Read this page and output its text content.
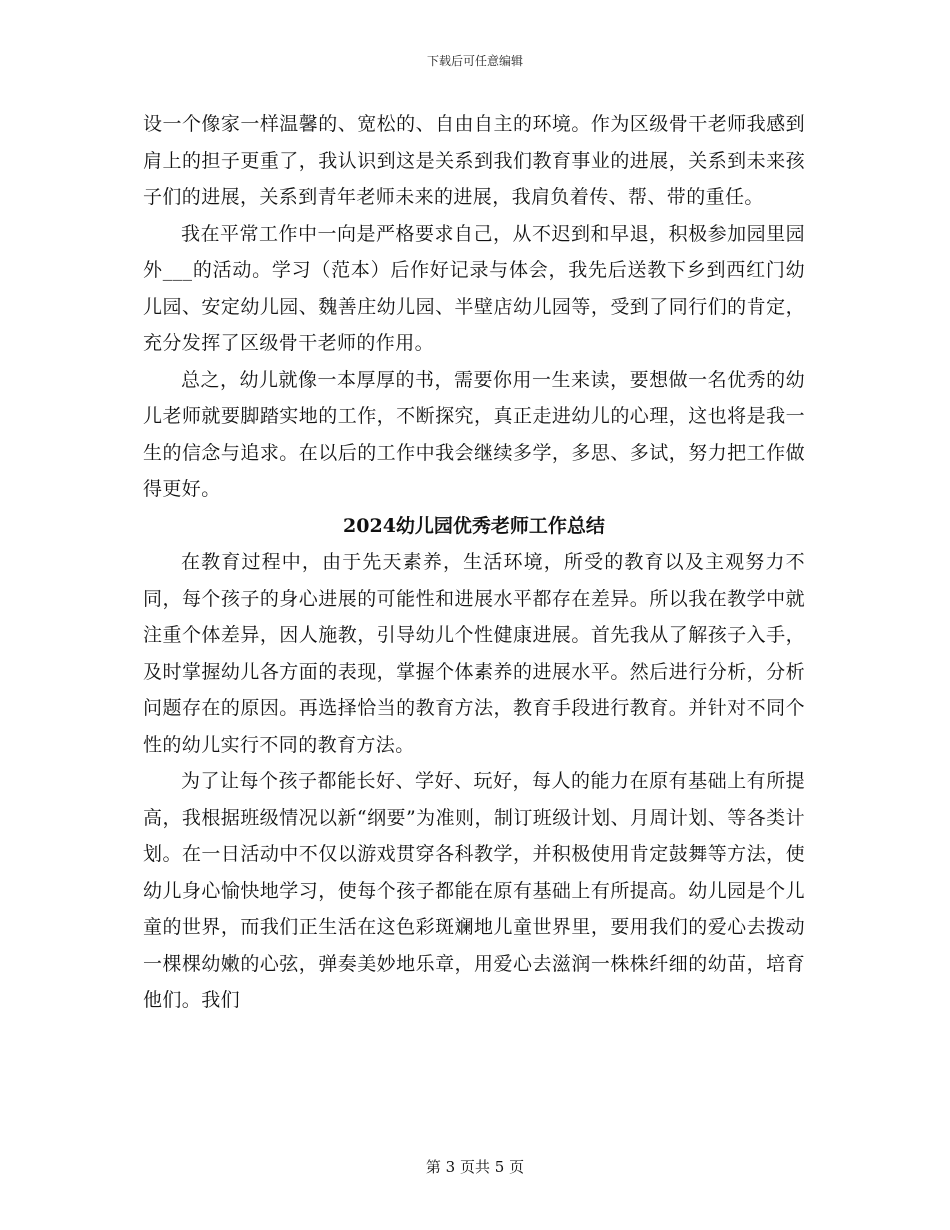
下载后可任意编辑

设一个像家一样温馨的、宽松的、自由自主的环境。作为区级骨干老师我感到肩上的担子更重了，我认识到这是关系到我们教育事业的进展，关系到未来孩子们的进展，关系到青年老师未来的进展，我肩负着传、帮、带的重任。

我在平常工作中一向是严格要求自己，从不迟到和早退，积极参加园里园外___的活动。学习（范本）后作好记录与体会，我先后送教下乡到西红门幼儿园、安定幼儿园、魏善庄幼儿园、半壁店幼儿园等，受到了同行们的肯定，充分发挥了区级骨干老师的作用。

总之，幼儿就像一本厚厚的书，需要你用一生来读，要想做一名优秀的幼儿老师就要脚踏实地的工作，不断探究，真正走进幼儿的心理，这也将是我一生的信念与追求。在以后的工作中我会继续多学，多思、多试，努力把工作做得更好。

2024幼儿园优秀老师工作总结

在教育过程中，由于先天素养，生活环境，所受的教育以及主观努力不同，每个孩子的身心进展的可能性和进展水平都存在差异。所以我在教学中就注重个体差异，因人施教，引导幼儿个性健康进展。首先我从了解孩子入手，及时掌握幼儿各方面的表现，掌握个体素养的进展水平。然后进行分析，分析问题存在的原因。再选择恰当的教育方法，教育手段进行教育。并针对不同个性的幼儿实行不同的教育方法。

为了让每个孩子都能长好、学好、玩好，每人的能力在原有基础上有所提高，我根据班级情况以新“纲要”为准则，制订班级计划、月周计划、等各类计划。在一日活动中不仅以游戏贯穿各科教学，并积极使用肯定鼓舞等方法，使幼儿身心愉快地学习，使每个孩子都能在原有基础上有所提高。幼儿园是个儿童的世界，而我们正生活在这色彩斑斓地儿童世界里，要用我们的爱心去拨动一棵棵幼嫩的心弦，弹奏美妙地乐章，用爱心去滋润一株株纤细的幼苗，培育他们。我们

第 3 页共 5 页
